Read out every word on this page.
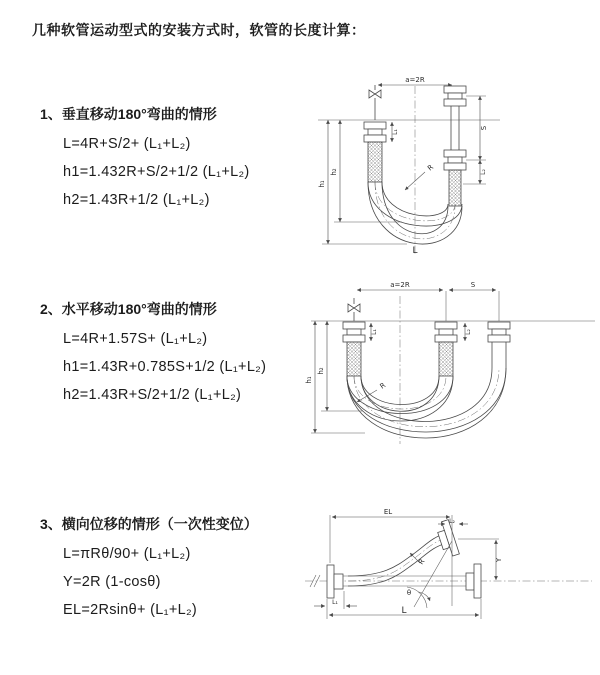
几种软管运动型式的安装方式时，软管的长度计算：

1、垂直移动180°弯曲的情形

L=4R+S/2+ (L₁+L₂)

h1=1.432R+S/2+1/2 (L₁+L₂)

h2=1.43R+1/2 (L₁+L₂)

a=2R
S
L₂
h₁
h₂
L₁
R
L

2、水平移动180°弯曲的情形

L=4R+1.57S+ (L₁+L₂)

h1=1.43R+0.785S+1/2 (L₁+L₂)

h2=1.43R+S/2+1/2 (L₁+L₂)

a=2R	S
L₁	L₂
h₁
h₂
R

3、横向位移的情形（一次性变位）

L=πRθ/90+ (L₁+L₂)

Y=2R (1-cosθ)

EL=2Rsinθ+ (L₁+L₂)

EL
L₂
θ
R	Y
L₁
L
